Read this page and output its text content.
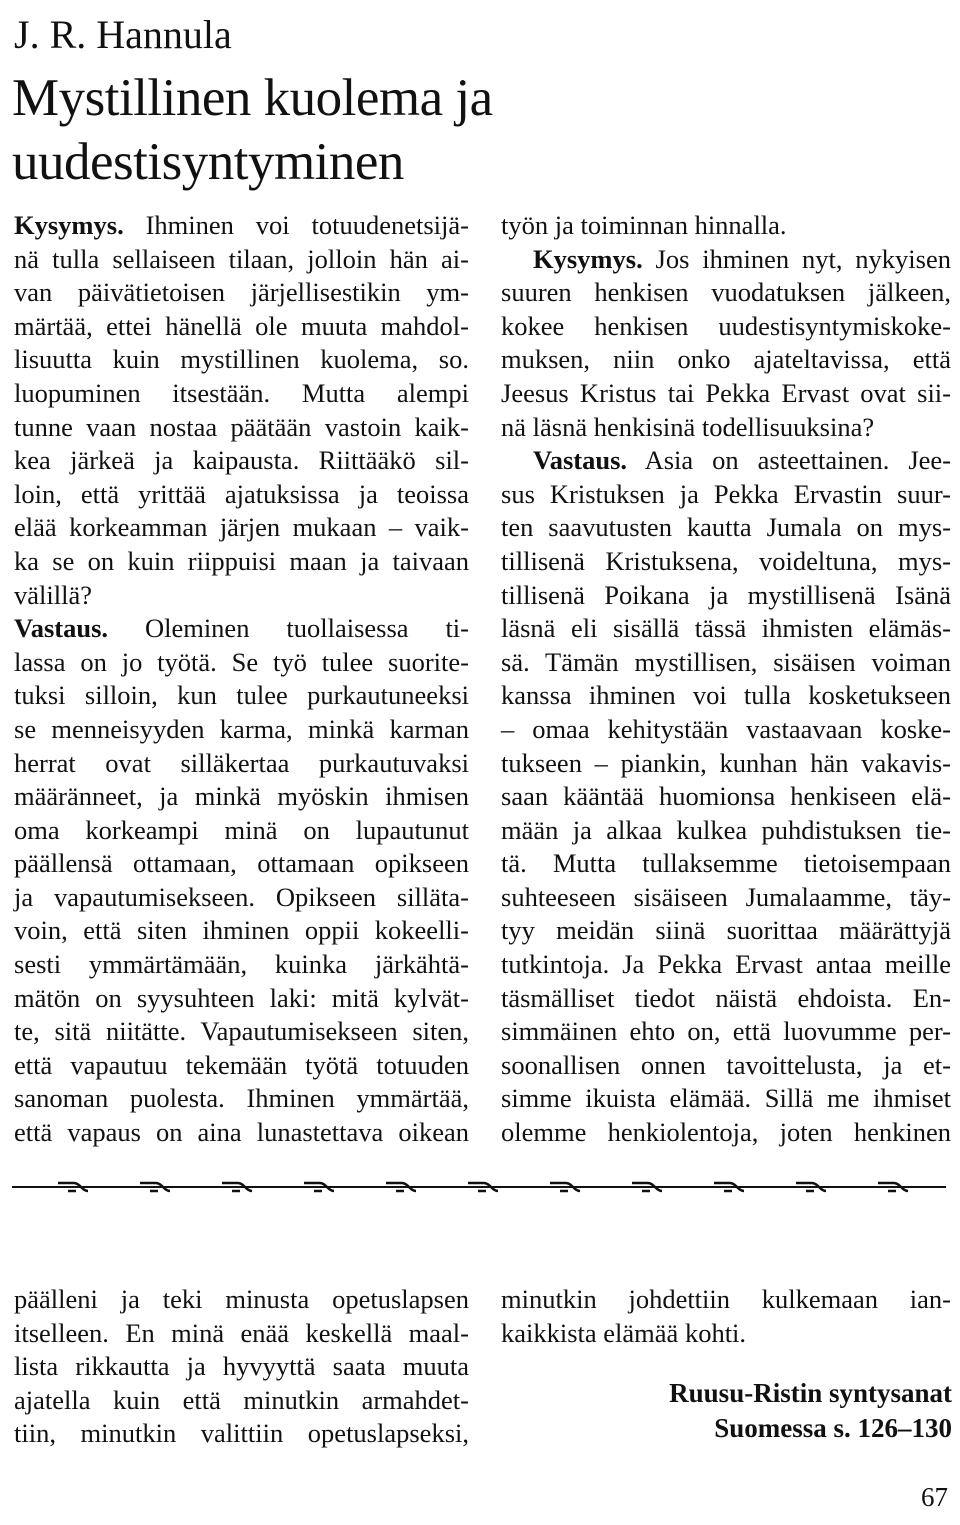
J. R. Hannula
Mystillinen kuolema ja
uudestisyntyminen
Kysymys. Ihminen voi totuudenetsijä-
nä tulla sellaiseen tilaan, jolloin hän ai-
van päivätietoisen järjellisestikin ym-
märtää, ettei hänellä ole muuta mahdol-
lisuutta kuin mystillinen kuolema, so.
luopuminen itsestään. Mutta alempi
tunne vaan nostaa päätään vastoin kaik-
kea järkeä ja kaipausta. Riittääkö sil-
loin, että yrittää ajatuksissa ja teoissa
elää korkeamman järjen mukaan – vaik-
ka se on kuin riippuisi maan ja taivaan
välillä?
Vastaus. Oleminen tuollaisessa ti-
lassa on jo työtä. Se työ tulee suorite-
tuksi silloin, kun tulee purkautuneeksi
se menneisyyden karma, minkä karman
herrat ovat silläkertaa purkautuvaksi
määränneet, ja minkä myöskin ihmisen
oma korkeampi minä on lupautunut
päällensä ottamaan, ottamaan opikseen
ja vapautumisekseen. Opikseen silläta-
voin, että siten ihminen oppii kokeelli-
sesti ymmärtämään, kuinka järkähtä-
mätön on syysuhteen laki: mitä kylvät-
te, sitä niitätte. Vapautumisekseen siten,
että vapautuu tekemään työtä totuuden
sanoman puolesta. Ihminen ymmärtää,
että vapaus on aina lunastettava oikean
työn ja toiminnan hinnalla.
Kysymys. Jos ihminen nyt, nykyisen
suuren henkisen vuodatuksen jälkeen,
kokee henkisen uudestisyntymiskoke-
muksen, niin onko ajateltavissa, että
Jeesus Kristus tai Pekka Ervast ovat sii-
nä läsnä henkisinä todellisuuksina?
Vastaus. Asia on asteettainen. Jee-
sus Kristuksen ja Pekka Ervastin suur-
ten saavutusten kautta Jumala on mys-
tillisenä Kristuksena, voideltuna, mys-
tillisenä Poikana ja mystillisenä Isänä
läsnä eli sisällä tässä ihmisten elämäs-
sä. Tämän mystillisen, sisäisen voiman
kanssa ihminen voi tulla kosketukseen
– omaa kehitystään vastaavaan koske-
tukseen – piankin, kunhan hän vakavis-
saan kääntää huomionsa henkiseen elä-
mään ja alkaa kulkea puhdistuksen tie-
tä. Mutta tullaksemme tietoisempaan
suhteeseen sisäiseen Jumalaamme, täy-
tyy meidän siinä suorittaa määrättyjä
tutkintoja. Ja Pekka Ervast antaa meille
täsmälliset tiedot näistä ehdoista. En-
simmäinen ehto on, että luovumme per-
soonallisen onnen tavoittelusta, ja et-
simme ikuista elämää. Sillä me ihmiset
olemme henkiolentoja, joten henkinen
päälleni ja teki minusta opetuslapsen
itselleen. En minä enää keskellä maal-
lista rikkautta ja hyvyyttä saata muuta
ajatella kuin että minutkin armahdet-
tiin, minutkin valittiin opetuslapseksi,
minutkin johdettiin kulkemaan ian-
kaikkista elämää kohti.
Ruusu-Ristin syntysanat
Suomessa s. 126–130
67
